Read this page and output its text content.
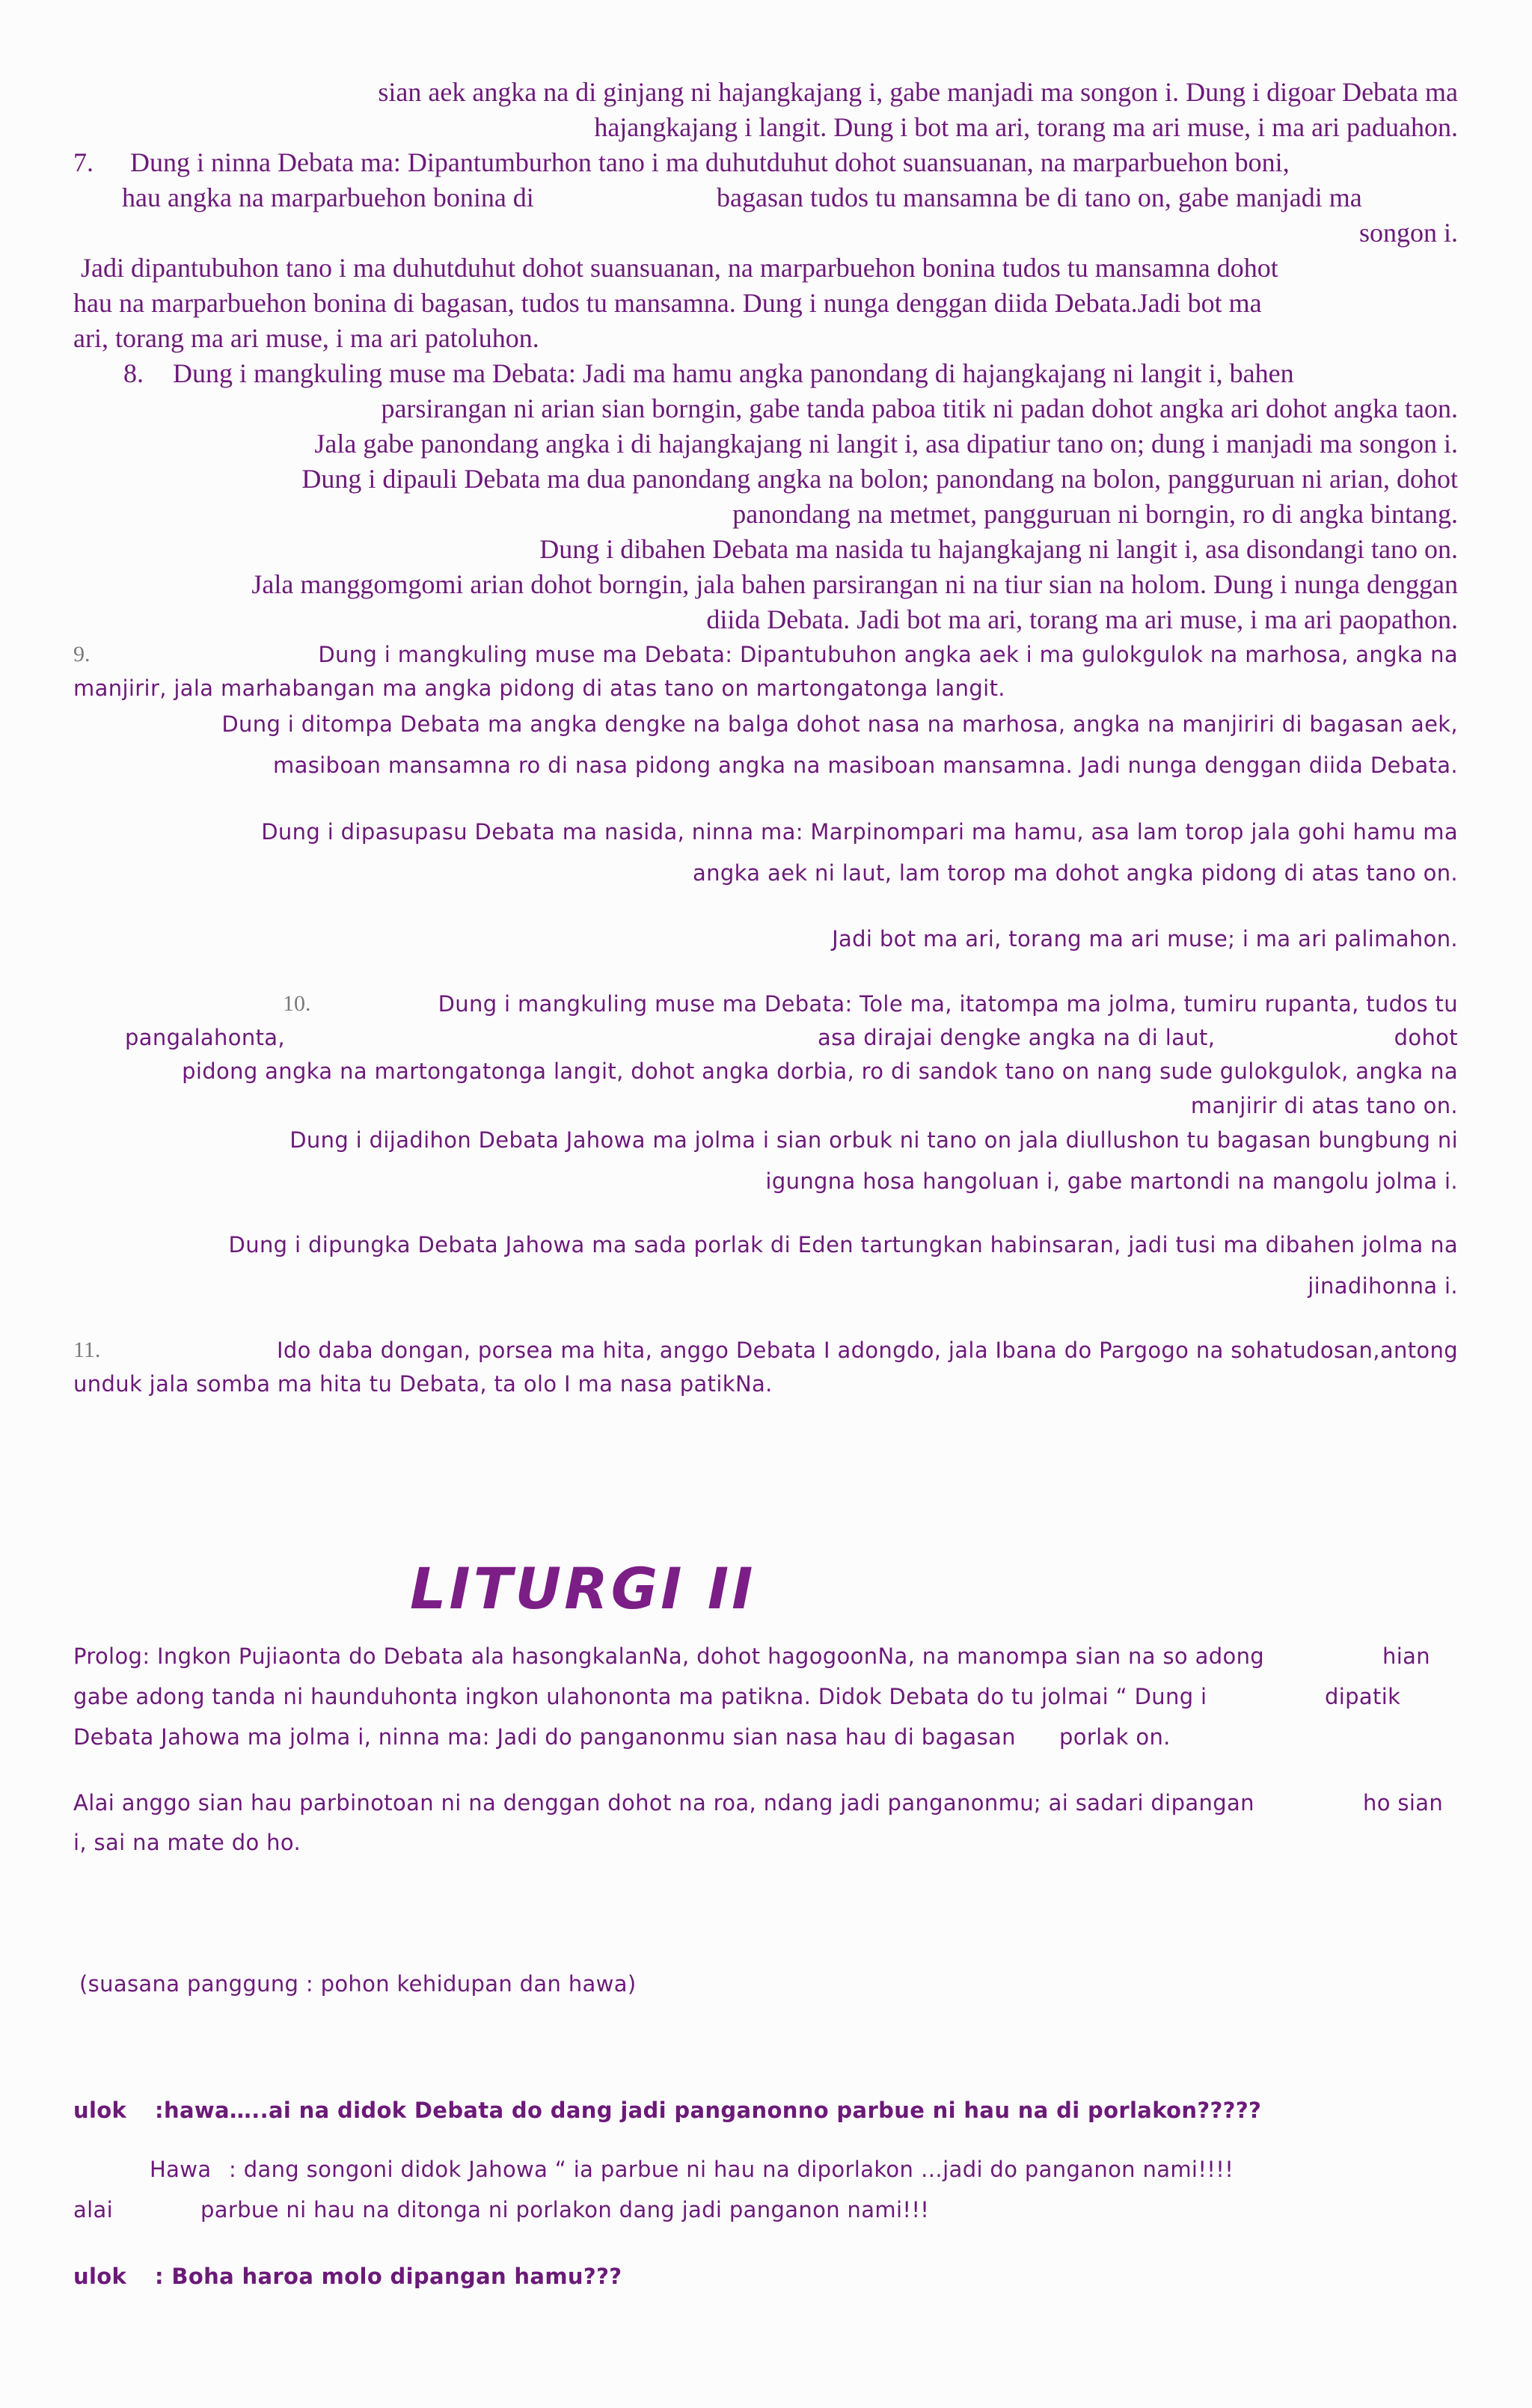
sian aek angka na di ginjang ni hajangkajang i, gabe manjadi ma songon i. Dung i digoar Debata ma

hajangkajang i langit. Dung i bot ma ari, torang ma ari muse, i ma ari paduahon.

7. Dung i ninna Debata ma: Dipantumburhon tano i ma duhutduhut dohot suansuanan, na marparbuehon boni,

hau angka na marparbuehon bonina di	bagasan tudos tu mansamna be di tano on, gabe manjadi ma

songon i.

Jadi dipantubuhon tano i ma duhutduhut dohot suansuanan, na marparbuehon bonina tudos tu mansamna dohot

hau na marparbuehon bonina di bagasan, tudos tu mansamna. Dung i nunga denggan diida Debata.Jadi bot ma

ari, torang ma ari muse, i ma ari patoluhon.

8. Dung i mangkuling muse ma Debata: Jadi ma hamu angka panondang di hajangkajang ni langit i, bahen

parsirangan ni arian sian borngin, gabe tanda paboa titik ni padan dohot angka ari dohot angka taon.

Jala gabe panondang angka i di hajangkajang ni langit i, asa dipatiur tano on; dung i manjadi ma songon i.

Dung i dipauli Debata ma dua panondang angka na bolon; panondang na bolon, pangguruan ni arian, dohot

panondang na metmet, pangguruan ni borngin, ro di angka bintang.

Dung i dibahen Debata ma nasida tu hajangkajang ni langit i, asa disondangi tano on.

Jala manggomgomi arian dohot borngin, jala bahen parsirangan ni na tiur sian na holom. Dung i nunga denggan

diida Debata. Jadi bot ma ari, torang ma ari muse, i ma ari paopathon.

9.	Dung i mangkuling muse ma Debata: Dipantubuhon angka aek i ma gulokgulok na marhosa, angka na

manjirir, jala marhabangan ma angka pidong di atas tano on martongatonga langit.

Dung i ditompa Debata ma angka dengke na balga dohot nasa na marhosa, angka na manjiriri di bagasan aek,

masiboan mansamna ro di nasa pidong angka na masiboan mansamna. Jadi nunga denggan diida Debata.

Dung i dipasupasu Debata ma nasida, ninna ma: Marpinompari ma hamu, asa lam torop jala gohi hamu ma

angka aek ni laut, lam torop ma dohot angka pidong di atas tano on.

Jadi bot ma ari, torang ma ari muse; i ma ari palimahon.

10.	Dung i mangkuling muse ma Debata: Tole ma, itatompa ma jolma, tumiru rupanta, tudos tu

pangalahonta,	asa dirajai dengke angka na di laut,	dohot

pidong angka na martongatonga langit, dohot angka dorbia, ro di sandok tano on nang sude gulokgulok, angka na

manjirir di atas tano on.

Dung i dijadihon Debata Jahowa ma jolma i sian orbuk ni tano on jala diullushon tu bagasan bungbung ni

igungna hosa hangoluan i, gabe martondi na mangolu jolma i.

Dung i dipungka Debata Jahowa ma sada porlak di Eden tartungkan habinsaran, jadi tusi ma dibahen jolma na

jinadihonna i.

11.	Ido daba dongan, porsea ma hita, anggo Debata I adongdo, jala Ibana do Pargogo na sohatudosan,antong

unduk jala somba ma hita tu Debata, ta olo I ma nasa patikNa.

LITURGI II

Prolog: Ingkon Pujiaonta do Debata ala hasongkalanNa, dohot hagogoonNa, na manompa sian na so adong	hian

gabe adong tanda ni haunduhonta ingkon ulahononta ma patikna. Didok Debata do tu jolmai “ Dung i	dipatik

Debata Jahowa ma jolma i, ninna ma: Jadi do panganonmu sian nasa hau di bagasan porlak on.

Alai anggo sian hau parbinotoan ni na denggan dohot na roa, ndang jadi panganonmu; ai sadari dipangan	ho sian

i, sai na mate do ho.

(suasana panggung : pohon kehidupan dan hawa)

ulok :hawa…..ai na didok Debata do dang jadi panganonno parbue ni hau na di porlakon?????

Hawa : dang songoni didok Jahowa “ ia parbue ni hau na diporlakon …jadi do panganon nami!!!!

alai	parbue ni hau na ditonga ni porlakon dang jadi panganon nami!!!

ulok : Boha haroa molo dipangan hamu???
